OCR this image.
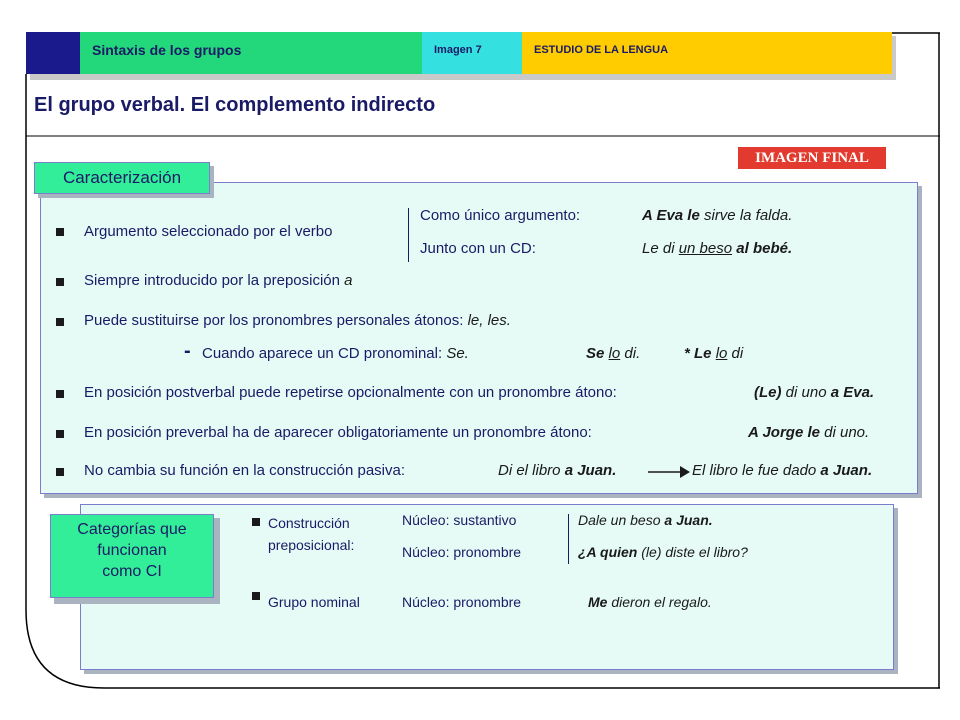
Sintaxis de los grupos	Imagen 7	ESTUDIO DE LA LENGUA
El grupo verbal. El complemento indirecto
IMAGEN FINAL
Caracterización
Argumento seleccionado por el verbo
Como único argumento:	A Eva le sirve la falda.
Junto con un CD:	Le di un beso al bebé.
Siempre introducido por la preposición a
Puede sustituirse por los pronombres personales átonos: le, les.
- Cuando aparece un CD pronominal: Se.	Se lo di.	* Le lo di
En posición postverbal puede repetirse opcionalmente con un pronombre átono:	(Le) di uno a Eva.
En posición preverbal ha de aparecer obligatoriamente un pronombre átono:	A Jorge le di uno.
No cambia su función en la construcción pasiva:	Di el libro a Juan.	El libro le fue dado a Juan.
Categorías que
funcionan
como CI
Construcción
preposicional:
Núcleo: sustantivo	Dale un beso a Juan.
Núcleo: pronombre	¿A quien (le) diste el libro?
Grupo nominal	Núcleo: pronombre	Me dieron el regalo.
